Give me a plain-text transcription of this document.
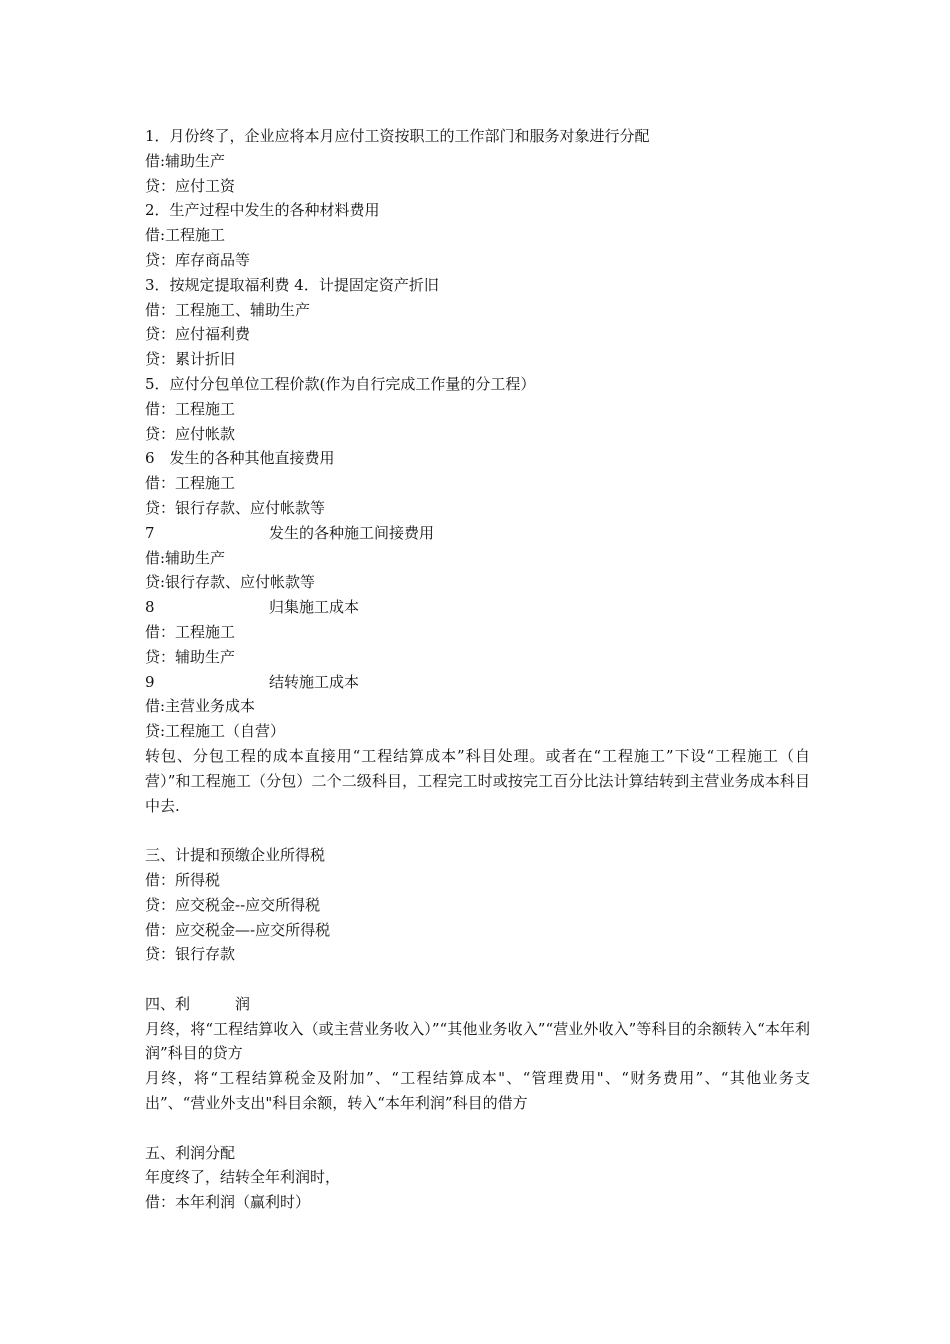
1．月份终了，企业应将本月应付工资按职工的工作部门和服务对象进行分配
借:辅助生产
贷：应付工资
2．生产过程中发生的各种材料费用
借:工程施工
贷：库存商品等
3．按规定提取福利费 4．计提固定资产折旧
借：工程施工、辅助生产
贷：应付福利费
贷：累计折旧
5．应付分包单位工程价款(作为自行完成工作量的分工程）
借：工程施工
贷：应付帐款
6　发生的各种其他直接费用
借：工程施工
贷：银行存款、应付帐款等
7	发生的各种施工间接费用
借:辅助生产
贷:银行存款、应付帐款等
8	归集施工成本
借：工程施工
贷：辅助生产
9	结转施工成本
借:主营业务成本
贷:工程施工（自营）
转包、分包工程的成本直接用“工程结算成本”科目处理。或者在“工程施工”下设“工程施工（自营）”和工程施工（分包）二个二级科目，工程完工时或按完工百分比法计算结转到主营业务成本科目中去.
三、计提和预缴企业所得税
借：所得税
贷：应交税金--应交所得税
借：应交税金—-应交所得税
贷：银行存款
四、利　　　润
月终，将“工程结算收入（或主营业务收入）”“其他业务收入”“营业外收入”等科目的余额转入“本年利润”科目的贷方
月终，将“工程结算税金及附加”、“工程结算成本"、“管理费用"、“财务费用”、“其他业务支出”、“营业外支出"科目余额，转入“本年利润”科目的借方
五、利润分配
年度终了，结转全年利润时，
借：本年利润（赢利时）
